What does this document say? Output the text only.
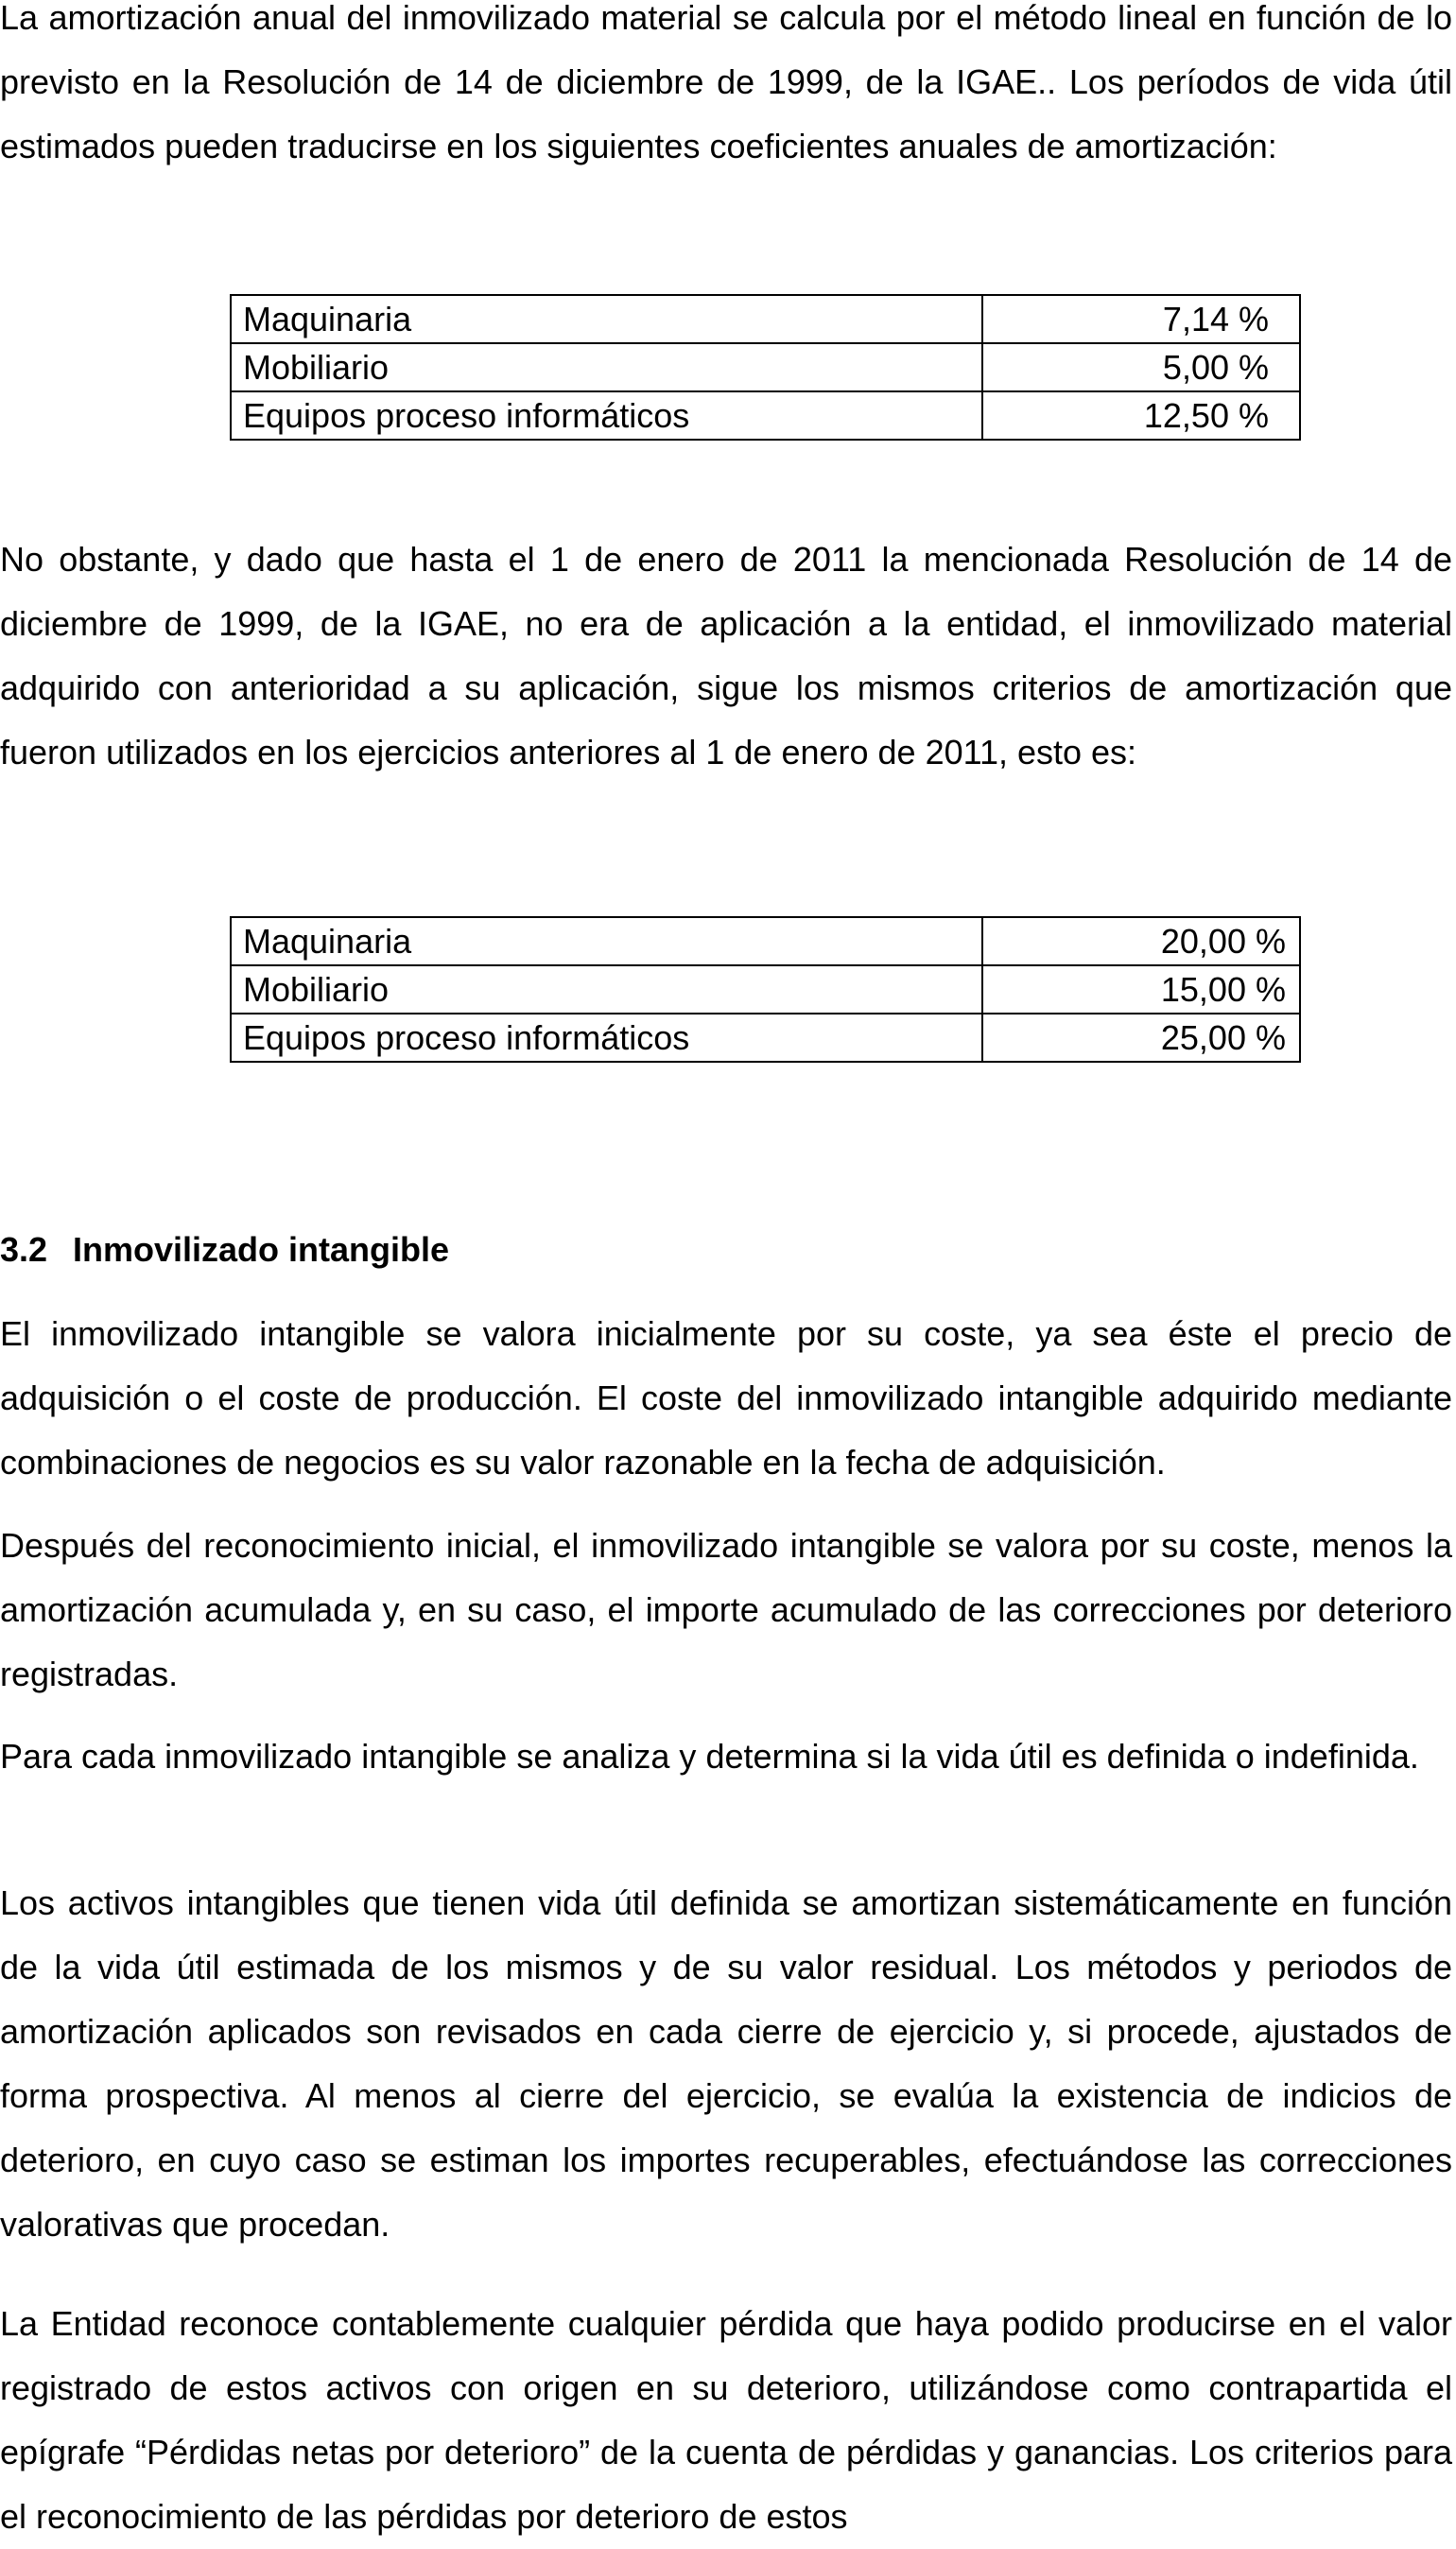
La amortización anual del inmovilizado material se calcula por el método lineal en función de lo previsto en la Resolución de 14 de diciembre de 1999, de la IGAE.. Los períodos de vida útil estimados pueden traducirse en los siguientes coeficientes anuales de amortización:

Maquinaria	7,14 %
Mobiliario	5,00 %
Equipos proceso informáticos	12,50 %

No obstante, y dado que hasta el 1 de enero de 2011 la mencionada Resolución de 14 de diciembre de 1999, de la IGAE, no era de aplicación a la entidad, el inmovilizado material adquirido con anterioridad a su aplicación, sigue los mismos criterios de amortización que fueron utilizados en los ejercicios anteriores al 1 de enero de 2011, esto es:

Maquinaria	20,00 %
Mobiliario	15,00 %
Equipos proceso informáticos	25,00 %
3.2 Inmovilizado intangible

El inmovilizado intangible se valora inicialmente por su coste, ya sea éste el precio de adquisición o el coste de producción. El coste del inmovilizado intangible adquirido mediante combinaciones de negocios es su valor razonable en la fecha de adquisición.

Después del reconocimiento inicial, el inmovilizado intangible se valora por su coste, menos la amortización acumulada y, en su caso, el importe acumulado de las correcciones por deterioro registradas.

Para cada inmovilizado intangible se analiza y determina si la vida útil es definida o indefinida.

Los activos intangibles que tienen vida útil definida se amortizan sistemáticamente en función de la vida útil estimada de los mismos y de su valor residual. Los métodos y periodos de amortización aplicados son revisados en cada cierre de ejercicio y, si procede, ajustados de forma prospectiva. Al menos al cierre del ejercicio, se evalúa la existencia de indicios de deterioro, en cuyo caso se estiman los importes recuperables, efectuándose las correcciones valorativas que procedan.

La Entidad reconoce contablemente cualquier pérdida que haya podido producirse en el valor registrado de estos activos con origen en su deterioro, utilizándose como contrapartida el epígrafe “Pérdidas netas por deterioro” de la cuenta de pérdidas y ganancias. Los criterios para el reconocimiento de las pérdidas por deterioro de estos
